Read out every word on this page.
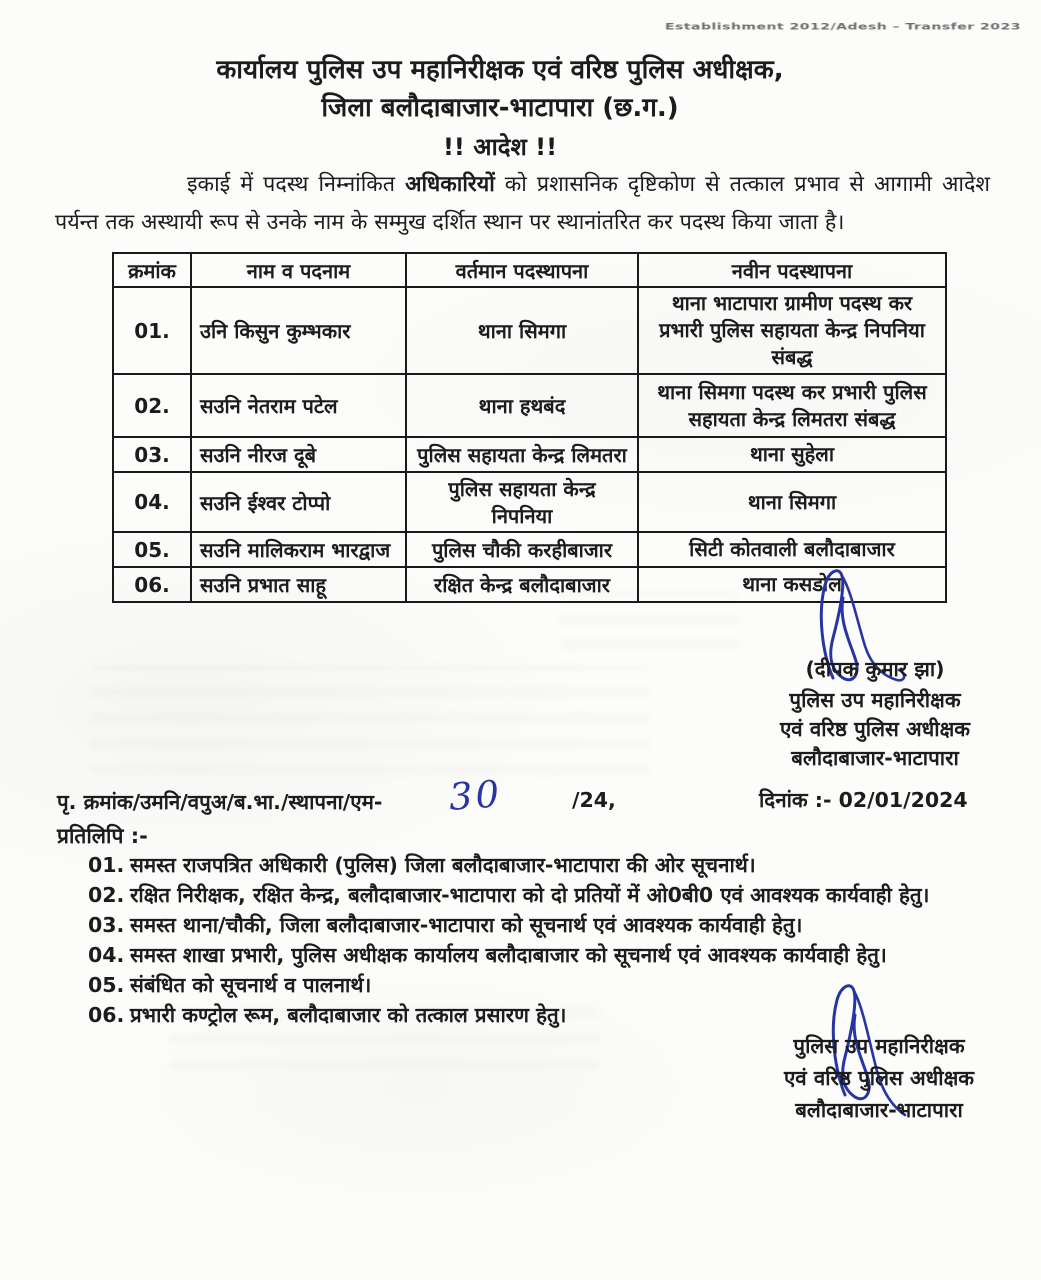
Establishment 2012/Adesh – Transfer 2023
कार्यालय पुलिस उप महानिरीक्षक एवं वरिष्ठ पुलिस अधीक्षक,
जिला बलौदाबाजार-भाटापारा (छ.ग.)
!! आदेश !!
इकाई में पदस्थ निम्नांकित अधिकारियों को प्रशासनिक दृष्टिकोण से तत्काल प्रभाव से आगामी आदेश पर्यन्त तक अस्थायी रूप से उनके नाम के सम्मुख दर्शित स्थान पर स्थानांतरित कर पदस्थ किया जाता है।
क्रमांक	नाम व पदनाम	वर्तमान पदस्थापना	नवीन पदस्थापना
01.	उनि किसुन कुम्भकार	थाना सिमगा	थाना भाटापारा ग्रामीण पदस्थ कर प्रभारी पुलिस सहायता केन्द्र निपनिया संबद्ध
02.	सउनि नेतराम पटेल	थाना हथबंद	थाना सिमगा पदस्थ कर प्रभारी पुलिस सहायता केन्द्र लिमतरा संबद्ध
03.	सउनि नीरज दूबे	पुलिस सहायता केन्द्र लिमतरा	थाना सुहेला
04.	सउनि ईश्वर टोप्पो	पुलिस सहायता केन्द्र निपनिया	थाना सिमगा
05.	सउनि मालिकराम भारद्वाज	पुलिस चौकी करहीबाजार	सिटी कोतवाली बलौदाबाजार
06.	सउनि प्रभात साहू	रक्षित केन्द्र बलौदाबाजार	थाना कसडोल
(दीपक कुमार झा)
पुलिस उप महानिरीक्षक
एवं वरिष्ठ पुलिस अधीक्षक
बलौदाबाजार-भाटापारा
पृ. क्रमांक/उमनि/वपुअ/ब.भा./स्थापना/एम- 30	/24,	दिनांक :- 02/01/2024
प्रतिलिपि :-
01. समस्त राजपत्रित अधिकारी (पुलिस) जिला बलौदाबाजार-भाटापारा की ओर सूचनार्थ।
02. रक्षित निरीक्षक, रक्षित केन्द्र, बलौदाबाजार-भाटापारा को दो प्रतियों में ओ0बी0 एवं आवश्यक कार्यवाही हेतु।
03. समस्त थाना/चौकी, जिला बलौदाबाजार-भाटापारा को सूचनार्थ एवं आवश्यक कार्यवाही हेतु।
04. समस्त शाखा प्रभारी, पुलिस अधीक्षक कार्यालय बलौदाबाजार को सूचनार्थ एवं आवश्यक कार्यवाही हेतु।
05. संबंधित को सूचनार्थ व पालनार्थ।
06. प्रभारी कण्ट्रोल रूम, बलौदाबाजार को तत्काल प्रसारण हेतु।
पुलिस उप महानिरीक्षक
एवं वरिष्ठ पुलिस अधीक्षक
बलौदाबाजार-भाटापारा
